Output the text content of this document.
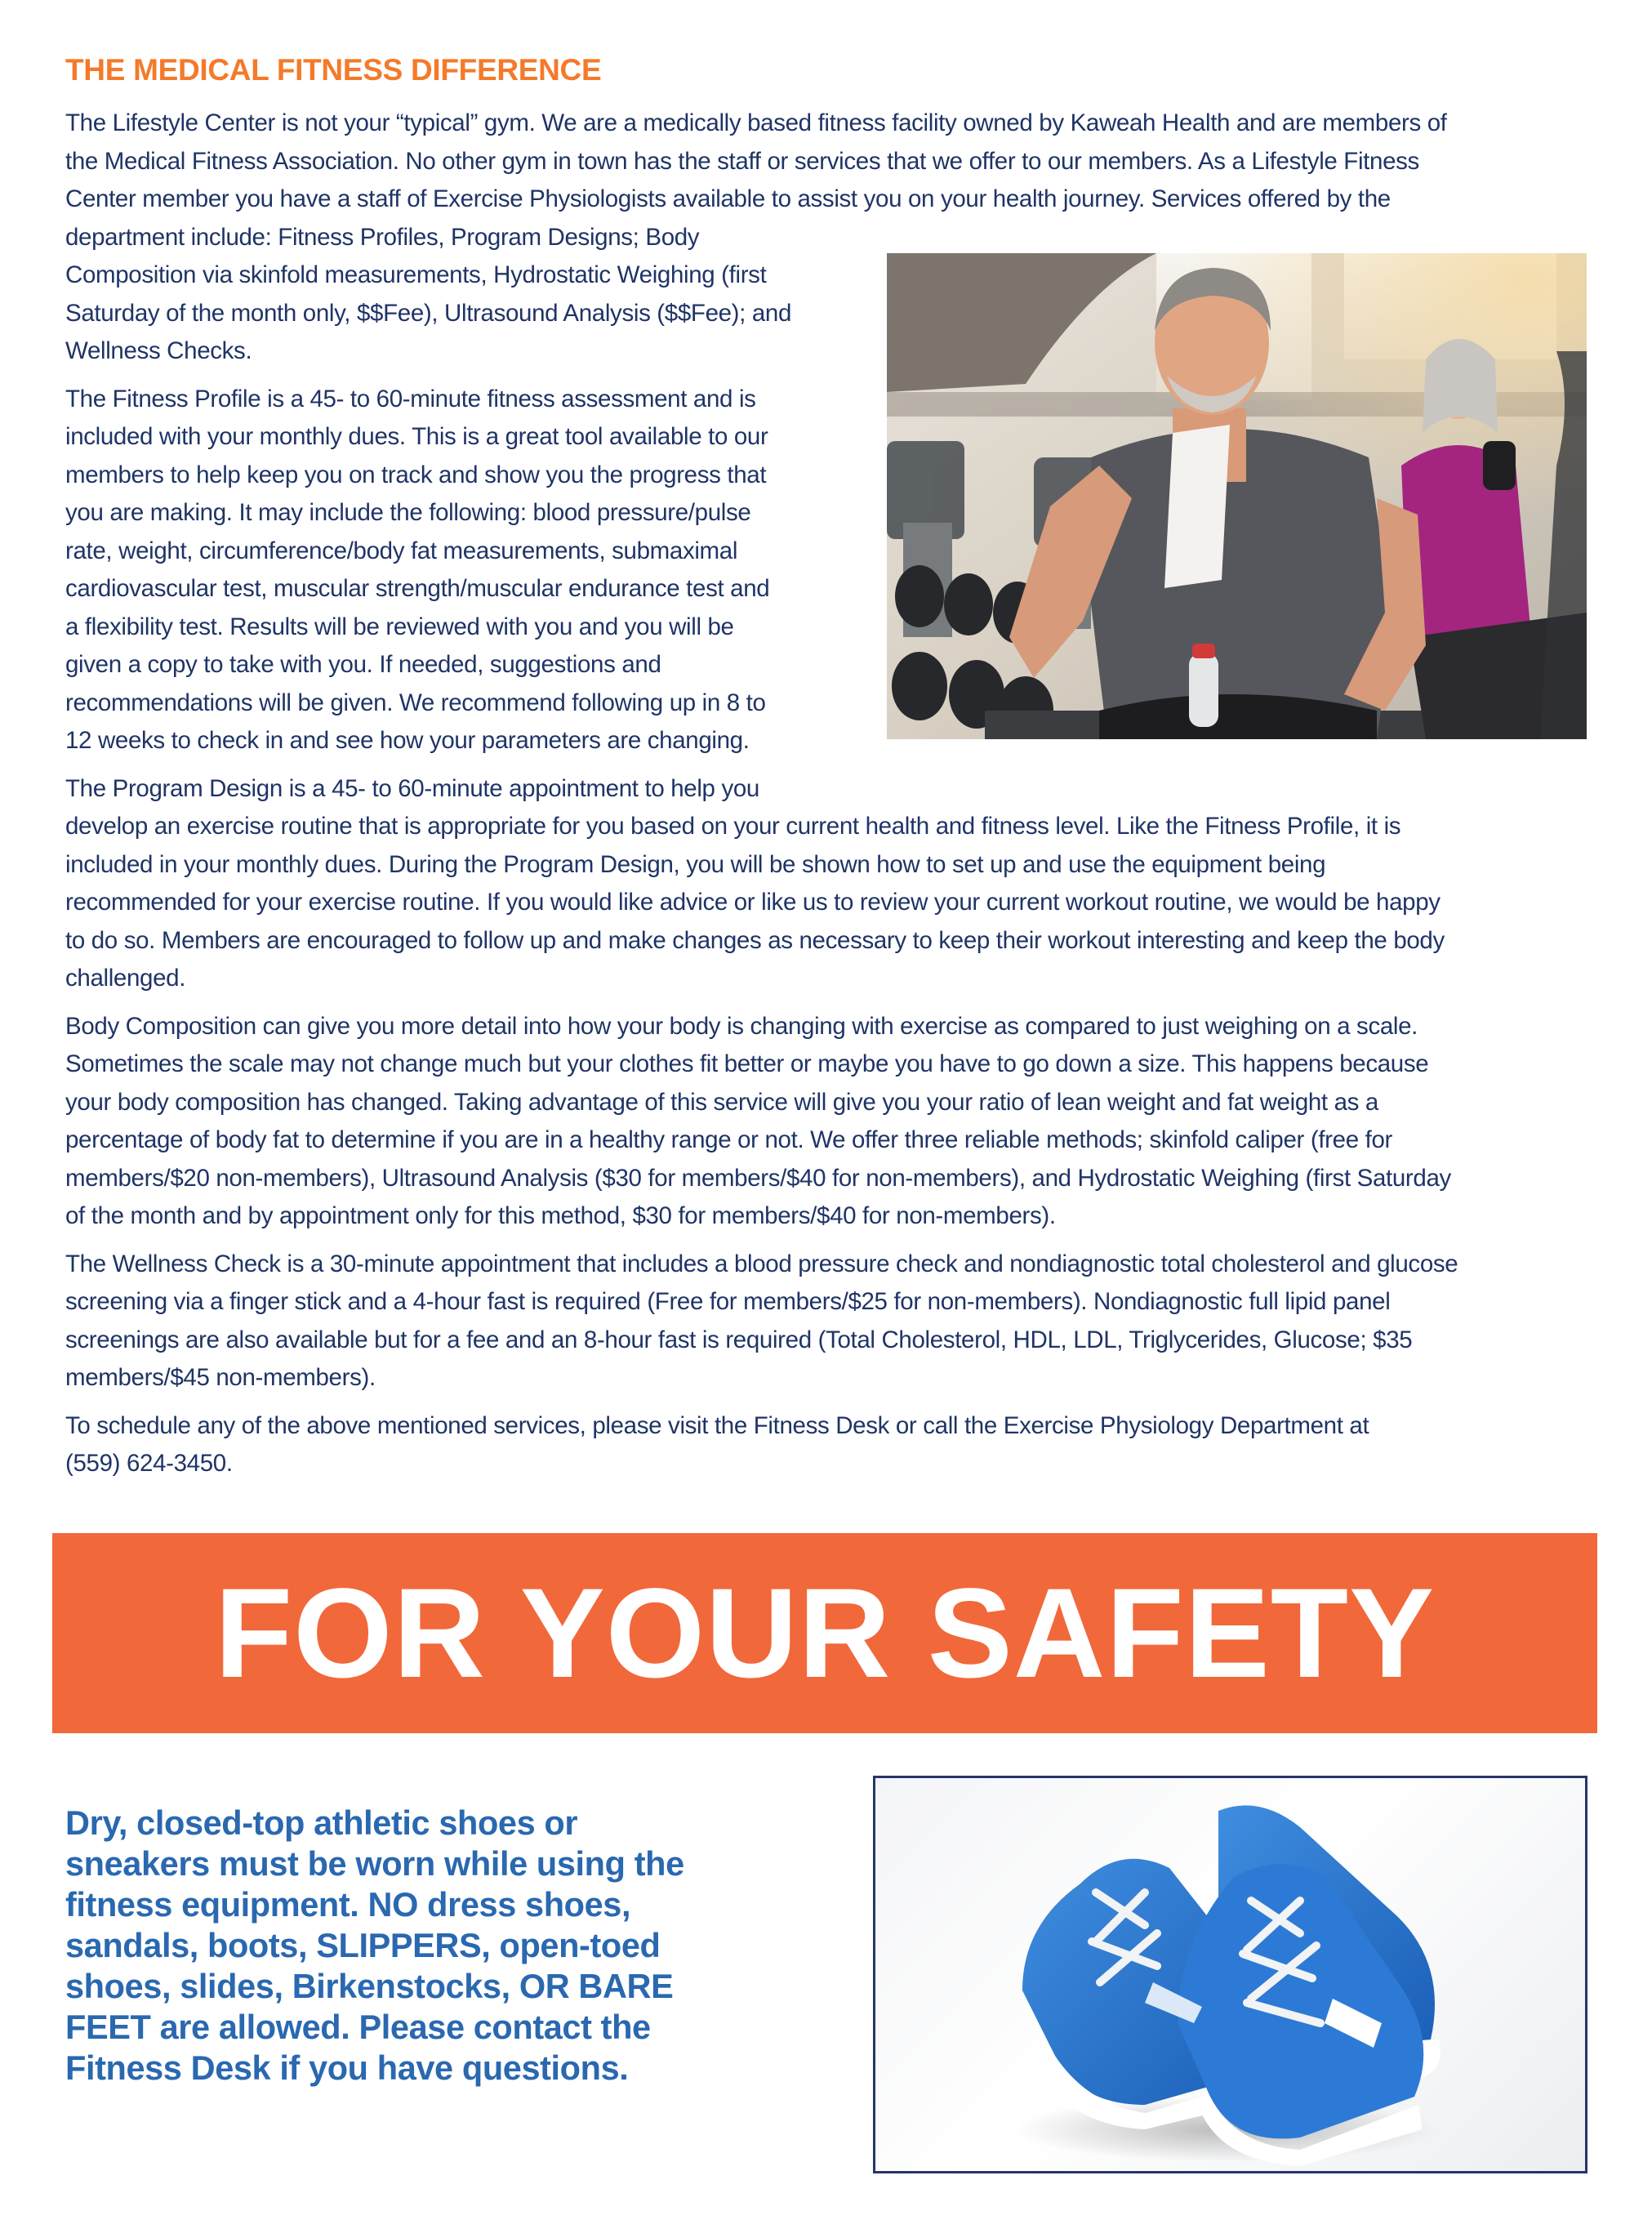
THE MEDICAL FITNESS DIFFERENCE

The Lifestyle Center is not your “typical” gym. We are a medically based fitness facility owned by Kaweah Health and are members of
the Medical Fitness Association. No other gym in town has the staff or services that we offer to our members. As a Lifestyle Fitness
Center member you have a staff of Exercise Physiologists available to assist you on your health journey. Services offered by the
department include: Fitness Profiles, Program Designs; Body
Composition via skinfold measurements, Hydrostatic Weighing (first
Saturday of the month only, $$Fee), Ultrasound Analysis ($$Fee); and
Wellness Checks.

The Fitness Profile is a 45- to 60-minute fitness assessment and is
included with your monthly dues. This is a great tool available to our
members to help keep you on track and show you the progress that
you are making. It may include the following: blood pressure/pulse
rate, weight, circumference/body fat measurements, submaximal
cardiovascular test, muscular strength/muscular endurance test and
a flexibility test. Results will be reviewed with you and you will be
given a copy to take with you. If needed, suggestions and
recommendations will be given. We recommend following up in 8 to
12 weeks to check in and see how your parameters are changing.

The Program Design is a 45- to 60-minute appointment to help you
develop an exercise routine that is appropriate for you based on your current health and fitness level. Like the Fitness Profile, it is
included in your monthly dues. During the Program Design, you will be shown how to set up and use the equipment being
recommended for your exercise routine. If you would like advice or like us to review your current workout routine, we would be happy
to do so. Members are encouraged to follow up and make changes as necessary to keep their workout interesting and keep the body
challenged.

Body Composition can give you more detail into how your body is changing with exercise as compared to just weighing on a scale.
Sometimes the scale may not change much but your clothes fit better or maybe you have to go down a size. This happens because
your body composition has changed. Taking advantage of this service will give you your ratio of lean weight and fat weight as a
percentage of body fat to determine if you are in a healthy range or not. We offer three reliable methods; skinfold caliper (free for
members/$20 non-members), Ultrasound Analysis ($30 for members/$40 for non-members), and Hydrostatic Weighing (first Saturday
of the month and by appointment only for this method, $30 for members/$40 for non-members).

The Wellness Check is a 30-minute appointment that includes a blood pressure check and nondiagnostic total cholesterol and glucose
screening via a finger stick and a 4-hour fast is required (Free for members/$25 for non-members). Nondiagnostic full lipid panel
screenings are also available but for a fee and an 8-hour fast is required (Total Cholesterol, HDL, LDL, Triglycerides, Glucose; $35
members/$45 non-members).

To schedule any of the above mentioned services, please visit the Fitness Desk or call the Exercise Physiology Department at
(559) 624-3450.

FOR YOUR SAFETY
Dry, closed-top athletic shoes or
sneakers must be worn while using the
fitness equipment. NO dress shoes,
sandals, boots, SLIPPERS, open-toed
shoes, slides, Birkenstocks, OR BARE
FEET are allowed. Please contact the
Fitness Desk if you have questions.
